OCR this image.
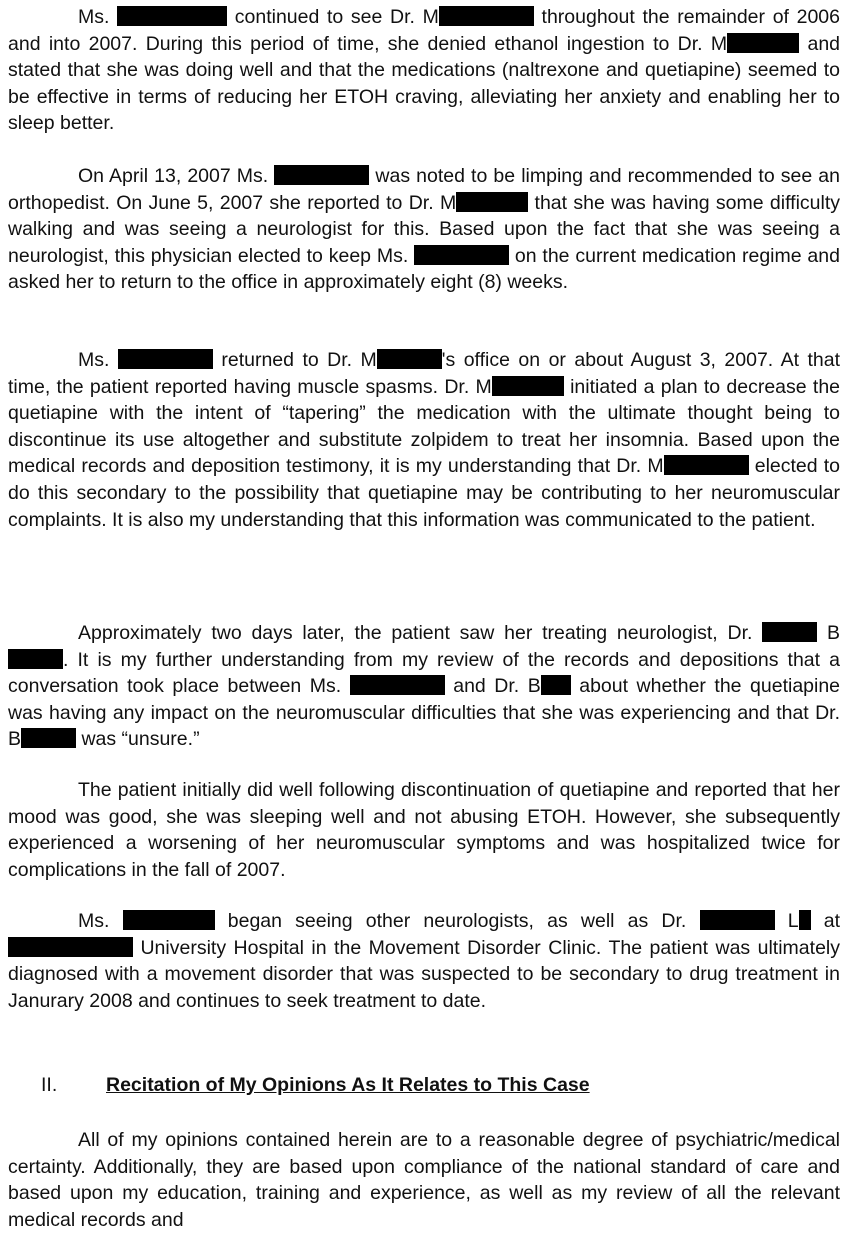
Ms.	continued to see Dr. M	throughout the remainder of 2006 and into 2007. During this period of time, she denied ethanol ingestion to Dr. M	and stated that she was doing well and that the medications (naltrexone and quetiapine) seemed to be effective in terms of reducing her ETOH craving, alleviating her anxiety and enabling her to sleep better.

On April 13, 2007 Ms.	was noted to be limping and recommended to see an orthopedist. On June 5, 2007 she reported to Dr. M	that she was having some difficulty walking and was seeing a neurologist for this. Based upon the fact that she was seeing a neurologist, this physician elected to keep Ms.	on the current medication regime and asked her to return to the office in approximately eight (8) weeks.

Ms.	returned to Dr. M	's office on or about August 3, 2007. At that time, the patient reported having muscle spasms. Dr. M	initiated a plan to decrease the quetiapine with the intent of “tapering” the medication with the ultimate thought being to discontinue its use altogether and substitute zolpidem to treat her insomnia. Based upon the medical records and deposition testimony, it is my understanding that Dr. M	elected to do this secondary to the possibility that quetiapine may be contributing to her neuromuscular complaints. It is also my understanding that this information was communicated to the patient.

Approximately two days later, the patient saw her treating neurologist, Dr.	B. It is my further understanding from my review of the records and depositions that a conversation took place between Ms.	and Dr. B about whether the quetiapine was having any impact on the neuromuscular difficulties that she was experiencing and that Dr. B	was “unsure.”

The patient initially did well following discontinuation of quetiapine and reported that her mood was good, she was sleeping well and not abusing ETOH. However, she subsequently experienced a worsening of her neuromuscular symptoms and was hospitalized twice for complications in the fall of 2007.

Ms.	began seeing other neurologists, as well as Dr.	L at  University Hospital in the Movement Disorder Clinic. The patient was ultimately diagnosed with a movement disorder that was suspected to be secondary to drug treatment in Janurary 2008 and continues to seek treatment to date.

II. Recitation of My Opinions As It Relates to This Case

All of my opinions contained herein are to a reasonable degree of psychiatric/medical certainty. Additionally, they are based upon compliance of the national standard of care and based upon my education, training and experience, as well as my review of all the relevant medical records and
